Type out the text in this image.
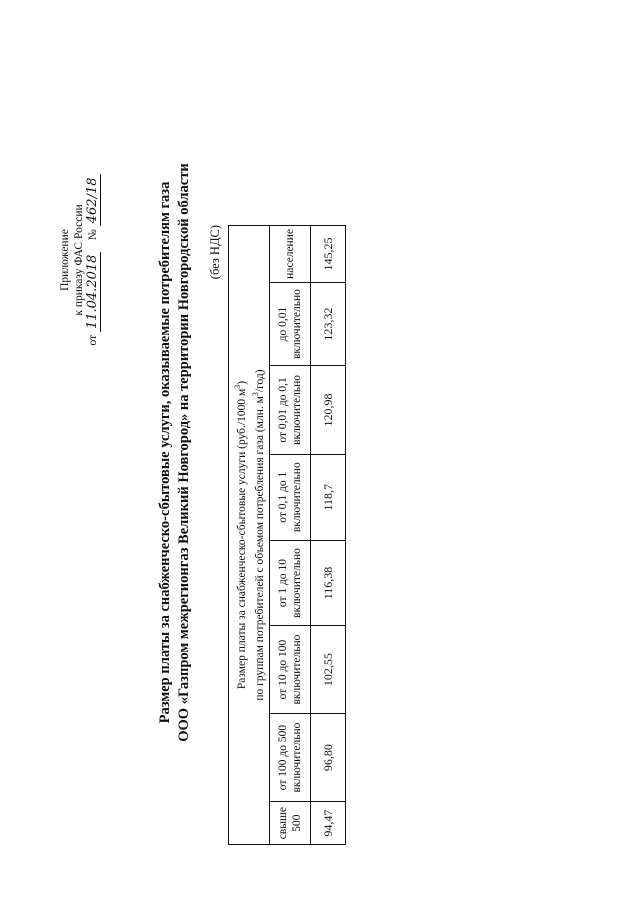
Приложение к приказу ФАС России
от 11.04.2018    № 462/18	Размер платы за снабженческо-сбытовые услуги, оказываемые потребителям газа ООО «Газпром межрегионгаз Великий Новгород» на территории Новгородской области (без НДС)
Размер платы за снабженческо-сбытовые услуги (руб./1000 $м^3$)
по группам потребителей с объемом потребления газа (млн. $м^3/год$)							

свыше 500	от 100 до 500 включительно	от 10 до 100 включительно	от 1 до 10 включительно	от 0,1 до 1 включительно	от 0,01 до 0,1 включительно	до 0,01 включительно	население
94,47	96,80	102,55	116,38	118,7	120,98	123,32	145,25
